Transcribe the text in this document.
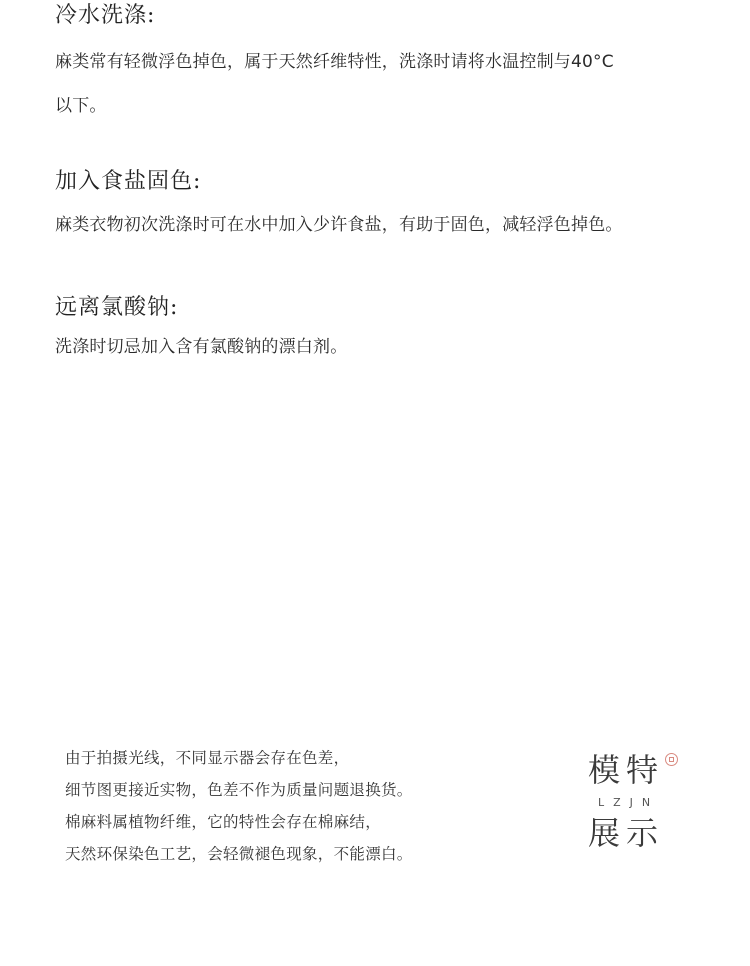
冷水洗涤:

麻类常有轻微浮色掉色，属于天然纤维特性，洗涤时请将水温控制与40°C
以下。

加入食盐固色:

麻类衣物初次洗涤时可在水中加入少许食盐，有助于固色，减轻浮色掉色。

远离氯酸钠:

洗涤时切忌加入含有氯酸钠的漂白剂。

由于拍摄光线，不同显示器会存在色差，
细节图更接近实物，色差不作为质量问题退换货。
棉麻料属植物纤维，它的特性会存在棉麻结，
天然环保染色工艺，会轻微褪色现象，不能漂白。
模特
LZJN
展示
